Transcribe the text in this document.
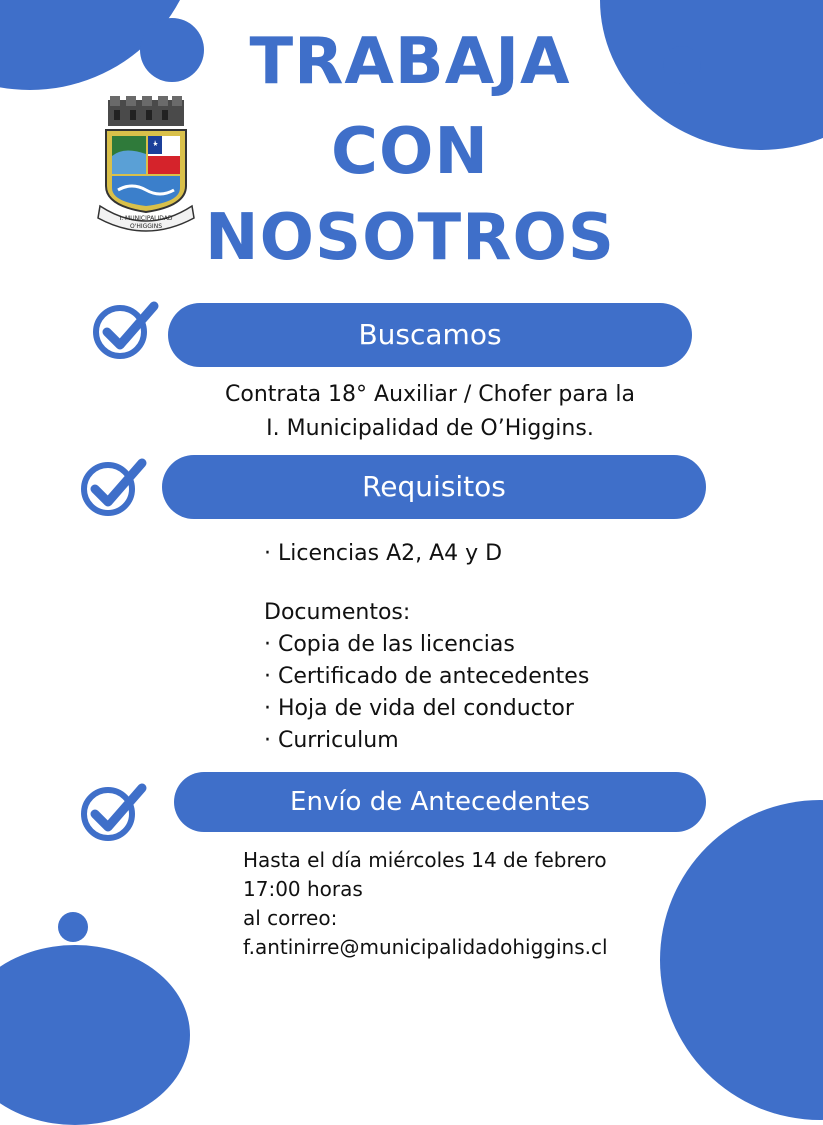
I. MUNICIPALIDAD
O'HIGGINS
TRABAJA
CON
NOSOTROS
Buscamos
Contrata 18° Auxiliar / Chofer para la
I. Municipalidad de O’Higgins.
Requisitos
· Licencias A2, A4 y D
Documentos:
· Copia de las licencias
· Certificado de antecedentes
· Hoja de vida del conductor
· Curriculum
Envío de Antecedentes
Hasta el día miércoles 14 de febrero
17:00 horas
al correo:
f.antinirre@municipalidadohiggins.cl
